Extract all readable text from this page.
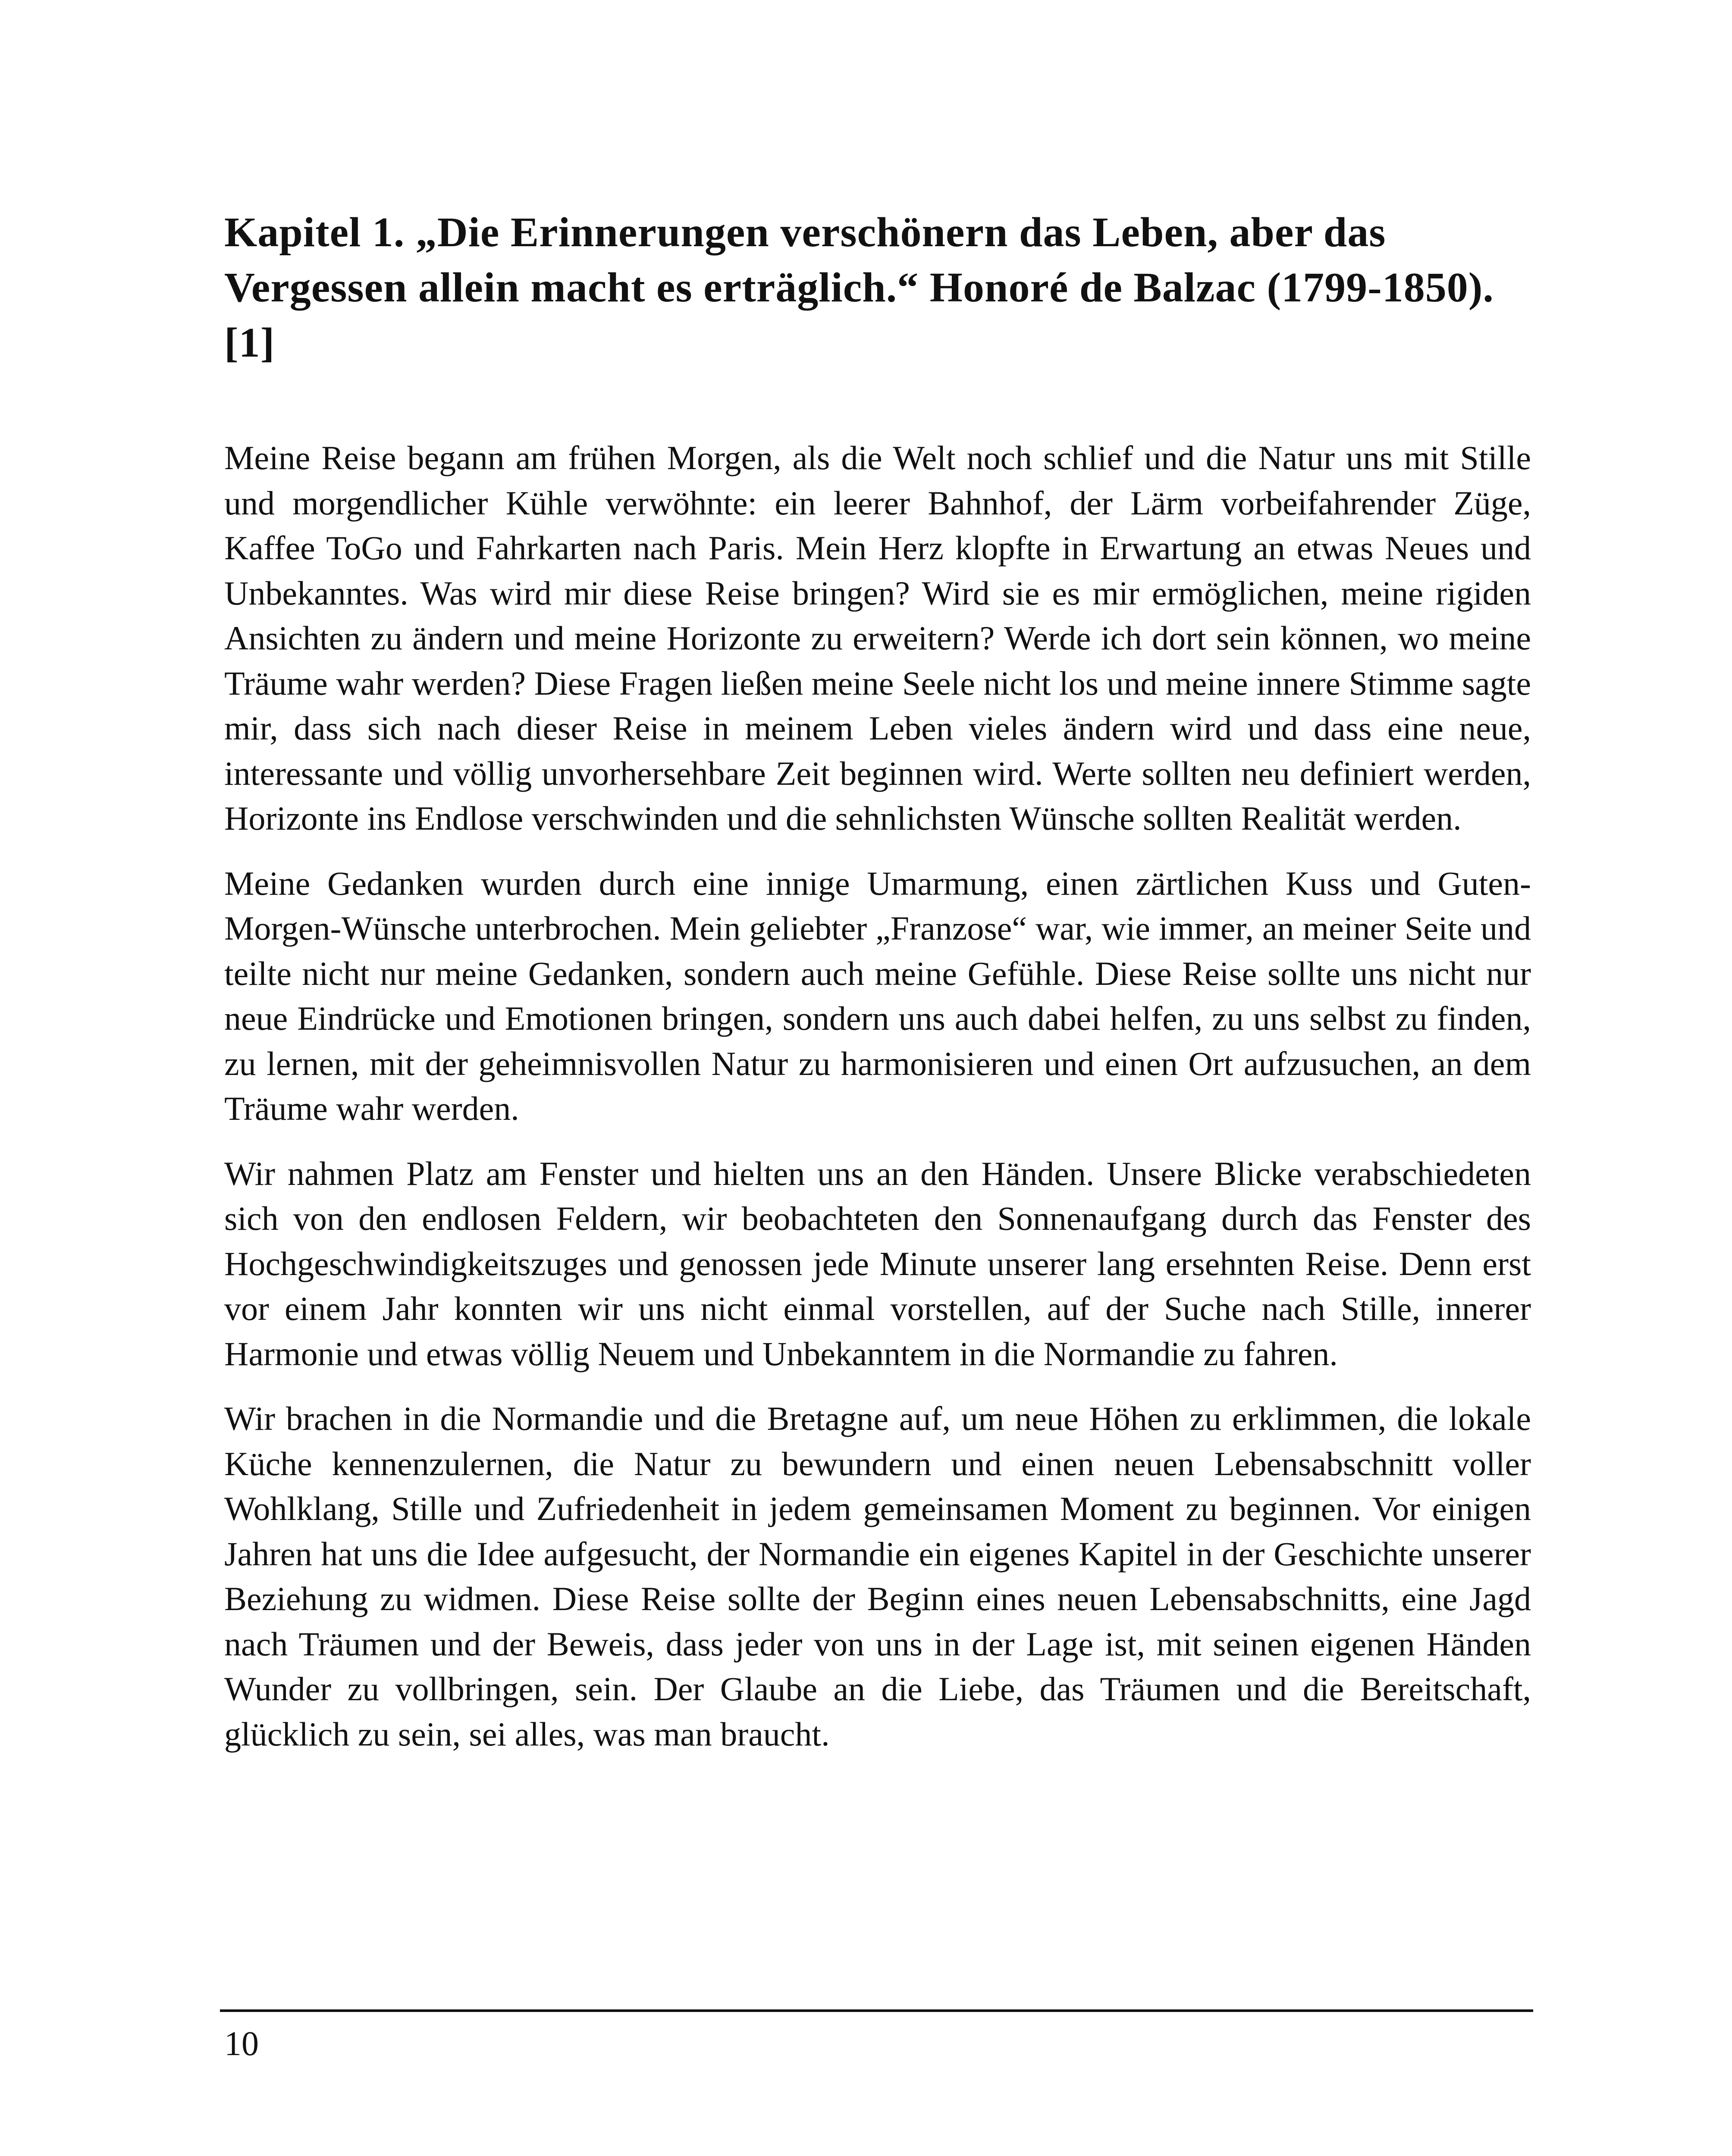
Kapitel 1. „Die Erinnerungen verschönern das Leben, aber das Vergessen allein macht es erträglich.“ Honoré de Balzac (1799-1850). [1]

Meine Reise begann am frühen Morgen, als die Welt noch schlief und die Natur uns mit Stille und morgendlicher Kühle verwöhnte: ein leerer Bahnhof, der Lärm vorbeifahrender Züge, Kaffee ToGo und Fahrkarten nach Paris. Mein Herz klopfte in Erwartung an etwas Neues und Unbekanntes. Was wird mir diese Reise bringen? Wird sie es mir ermöglichen, meine rigiden Ansichten zu ändern und meine Horizonte zu erweitern? Werde ich dort sein können, wo meine Träume wahr werden? Diese Fragen ließen meine Seele nicht los und meine innere Stimme sagte mir, dass sich nach dieser Reise in meinem Leben vieles ändern wird und dass eine neue, interessante und völlig unvorhersehbare Zeit beginnen wird. Werte sollten neu definiert werden, Horizonte ins Endlose verschwinden und die sehnlichsten Wünsche sollten Realität werden.

Meine Gedanken wurden durch eine innige Umarmung, einen zärtlichen Kuss und Guten-Morgen-Wünsche unterbrochen. Mein geliebter „Franzose“ war, wie immer, an meiner Seite und teilte nicht nur meine Gedanken, sondern auch meine Gefühle. Diese Reise sollte uns nicht nur neue Eindrücke und Emotionen bringen, sondern uns auch dabei helfen, zu uns selbst zu finden, zu lernen, mit der geheimnisvollen Natur zu harmonisieren und einen Ort aufzusuchen, an dem Träume wahr werden.

Wir nahmen Platz am Fenster und hielten uns an den Händen. Unsere Blicke verabschiedeten sich von den endlosen Feldern, wir beobachteten den Sonnenaufgang durch das Fenster des Hochgeschwindigkeitszuges und genossen jede Minute unserer lang ersehnten Reise. Denn erst vor einem Jahr konnten wir uns nicht einmal vorstellen, auf der Suche nach Stille, innerer Harmonie und etwas völlig Neuem und Unbekanntem in die Normandie zu fahren.

Wir brachen in die Normandie und die Bretagne auf, um neue Höhen zu erklimmen, die lokale Küche kennenzulernen, die Natur zu bewundern und einen neuen Lebensabschnitt voller Wohlklang, Stille und Zufriedenheit in jedem gemeinsamen Moment zu beginnen. Vor einigen Jahren hat uns die Idee aufgesucht, der Normandie ein eigenes Kapitel in der Geschichte unserer Beziehung zu widmen. Diese Reise sollte der Beginn eines neuen Lebensabschnitts, eine Jagd nach Träumen und der Beweis, dass jeder von uns in der Lage ist, mit seinen eigenen Händen Wunder zu vollbringen, sein. Der Glaube an die Liebe, das Träumen und die Bereitschaft, glücklich zu sein, sei alles, was man braucht.

10
